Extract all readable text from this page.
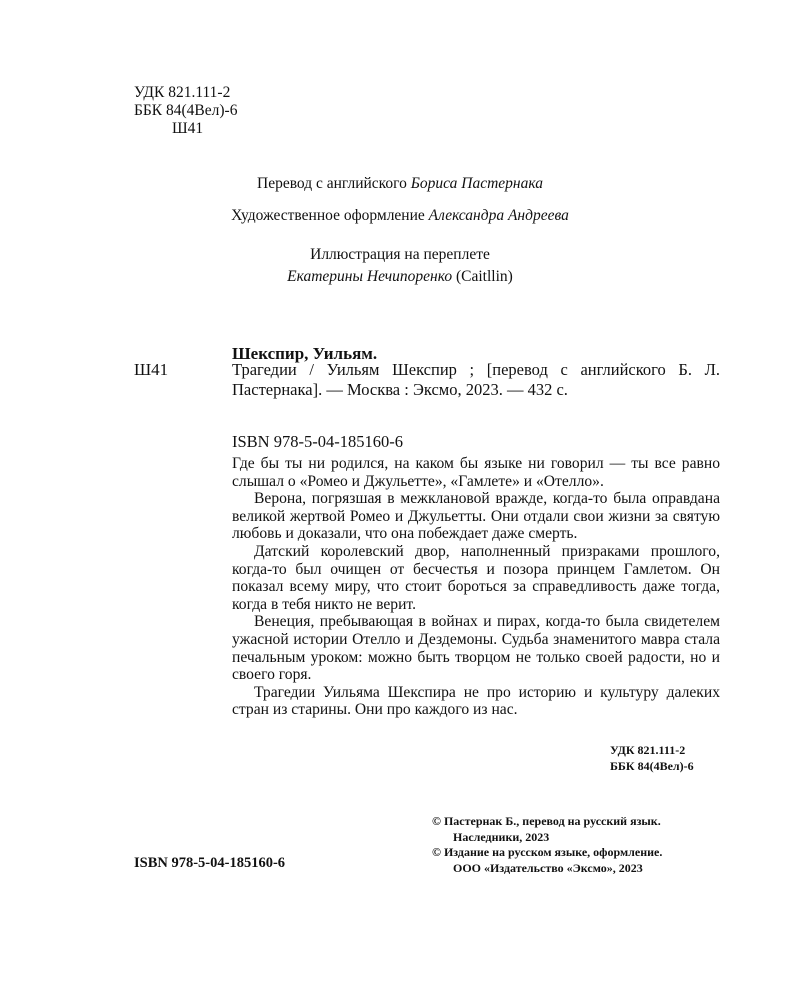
УДК 821.111-2
ББК 84(4Вел)-6
Ш41
Перевод с английского Бориса Пастернака
Художественное оформление Александра Андреева
Иллюстрация на переплете
Екатерины Нечипоренко (Caitllin)
Шекспир, Уильям.
Ш41	Трагедии / Уильям Шекспир ; [перевод с английского Б. Л. Пастернака]. — Москва : Эксмо, 2023. — 432 с.
ISBN 978-5-04-185160-6

Где бы ты ни родился, на каком бы языке ни говорил — ты все равно слышал о «Ромео и Джульетте», «Гамлете» и «Отелло».

Верона, погрязшая в межклановой вражде, когда-то была оправдана великой жертвой Ромео и Джульетты. Они отдали свои жизни за святую любовь и доказали, что она побеждает даже смерть.

Датский королевский двор, наполненный призраками прошлого, когда-то был очищен от бесчестья и позора принцем Гамлетом. Он показал всему миру, что стоит бороться за справедливость даже тогда, когда в тебя никто не верит.

Венеция, пребывающая в войнах и пирах, когда-то была свидетелем ужасной истории Отелло и Дездемоны. Судьба знаменитого мавра стала печальным уроком: можно быть творцом не только своей радости, но и своего горя.

Трагедии Уильяма Шекспира не про историю и культуру далеких стран из старины. Они про каждого из нас.

УДК 821.111-2
ББК 84(4Вел)-6
© Пастернак Б., перевод на русский язык.
Наследники, 2023
© Издание на русском языке, оформление.
ООО «Издательство «Эксмо», 2023
ISBN 978-5-04-185160-6
